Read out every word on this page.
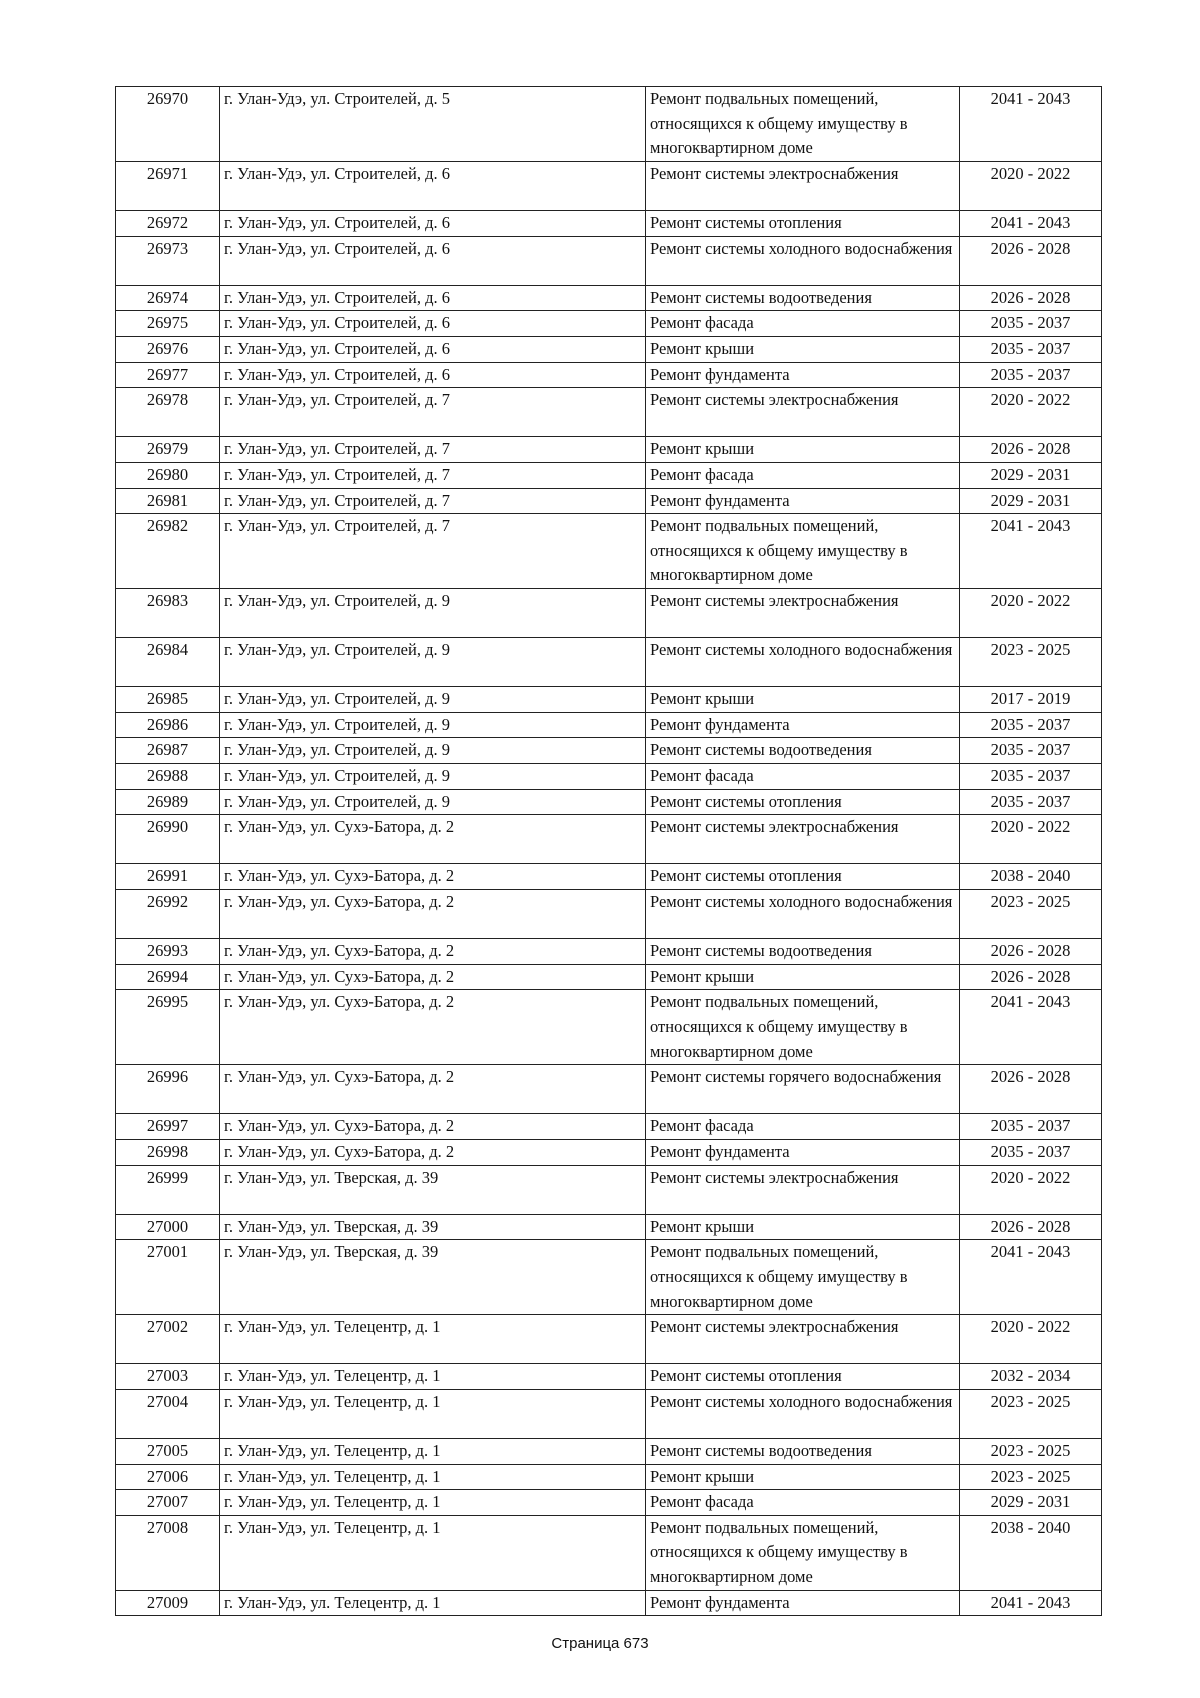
26970	г. Улан-Удэ, ул. Строителей, д. 5	Ремонт подвальных помещений, относящихся к общему имуществу в многоквартирном доме	2041 - 2043
26971	г. Улан-Удэ, ул. Строителей, д. 6	Ремонт системы электроснабжения	2020 - 2022
26972	г. Улан-Удэ, ул. Строителей, д. 6	Ремонт системы отопления	2041 - 2043
26973	г. Улан-Удэ, ул. Строителей, д. 6	Ремонт системы холодного водоснабжения	2026 - 2028
26974	г. Улан-Удэ, ул. Строителей, д. 6	Ремонт системы водоотведения	2026 - 2028
26975	г. Улан-Удэ, ул. Строителей, д. 6	Ремонт фасада	2035 - 2037
26976	г. Улан-Удэ, ул. Строителей, д. 6	Ремонт крыши	2035 - 2037
26977	г. Улан-Удэ, ул. Строителей, д. 6	Ремонт фундамента	2035 - 2037
26978	г. Улан-Удэ, ул. Строителей, д. 7	Ремонт системы электроснабжения	2020 - 2022
26979	г. Улан-Удэ, ул. Строителей, д. 7	Ремонт крыши	2026 - 2028
26980	г. Улан-Удэ, ул. Строителей, д. 7	Ремонт фасада	2029 - 2031
26981	г. Улан-Удэ, ул. Строителей, д. 7	Ремонт фундамента	2029 - 2031
26982	г. Улан-Удэ, ул. Строителей, д. 7	Ремонт подвальных помещений, относящихся к общему имуществу в многоквартирном доме	2041 - 2043
26983	г. Улан-Удэ, ул. Строителей, д. 9	Ремонт системы электроснабжения	2020 - 2022
26984	г. Улан-Удэ, ул. Строителей, д. 9	Ремонт системы холодного водоснабжения	2023 - 2025
26985	г. Улан-Удэ, ул. Строителей, д. 9	Ремонт крыши	2017 - 2019
26986	г. Улан-Удэ, ул. Строителей, д. 9	Ремонт фундамента	2035 - 2037
26987	г. Улан-Удэ, ул. Строителей, д. 9	Ремонт системы водоотведения	2035 - 2037
26988	г. Улан-Удэ, ул. Строителей, д. 9	Ремонт фасада	2035 - 2037
26989	г. Улан-Удэ, ул. Строителей, д. 9	Ремонт системы отопления	2035 - 2037
26990	г. Улан-Удэ, ул. Сухэ-Батора, д. 2	Ремонт системы электроснабжения	2020 - 2022
26991	г. Улан-Удэ, ул. Сухэ-Батора, д. 2	Ремонт системы отопления	2038 - 2040
26992	г. Улан-Удэ, ул. Сухэ-Батора, д. 2	Ремонт системы холодного водоснабжения	2023 - 2025
26993	г. Улан-Удэ, ул. Сухэ-Батора, д. 2	Ремонт системы водоотведения	2026 - 2028
26994	г. Улан-Удэ, ул. Сухэ-Батора, д. 2	Ремонт крыши	2026 - 2028
26995	г. Улан-Удэ, ул. Сухэ-Батора, д. 2	Ремонт подвальных помещений, относящихся к общему имуществу в многоквартирном доме	2041 - 2043
26996	г. Улан-Удэ, ул. Сухэ-Батора, д. 2	Ремонт системы горячего водоснабжения	2026 - 2028
26997	г. Улан-Удэ, ул. Сухэ-Батора, д. 2	Ремонт фасада	2035 - 2037
26998	г. Улан-Удэ, ул. Сухэ-Батора, д. 2	Ремонт фундамента	2035 - 2037
26999	г. Улан-Удэ, ул. Тверская, д. 39	Ремонт системы электроснабжения	2020 - 2022
27000	г. Улан-Удэ, ул. Тверская, д. 39	Ремонт крыши	2026 - 2028
27001	г. Улан-Удэ, ул. Тверская, д. 39	Ремонт подвальных помещений, относящихся к общему имуществу в многоквартирном доме	2041 - 2043
27002	г. Улан-Удэ, ул. Телецентр, д. 1	Ремонт системы электроснабжения	2020 - 2022
27003	г. Улан-Удэ, ул. Телецентр, д. 1	Ремонт системы отопления	2032 - 2034
27004	г. Улан-Удэ, ул. Телецентр, д. 1	Ремонт системы холодного водоснабжения	2023 - 2025
27005	г. Улан-Удэ, ул. Телецентр, д. 1	Ремонт системы водоотведения	2023 - 2025
27006	г. Улан-Удэ, ул. Телецентр, д. 1	Ремонт крыши	2023 - 2025
27007	г. Улан-Удэ, ул. Телецентр, д. 1	Ремонт фасада	2029 - 2031
27008	г. Улан-Удэ, ул. Телецентр, д. 1	Ремонт подвальных помещений, относящихся к общему имуществу в многоквартирном доме	2038 - 2040
27009	г. Улан-Удэ, ул. Телецентр, д. 1	Ремонт фундамента	2041 - 2043
Страница 673
